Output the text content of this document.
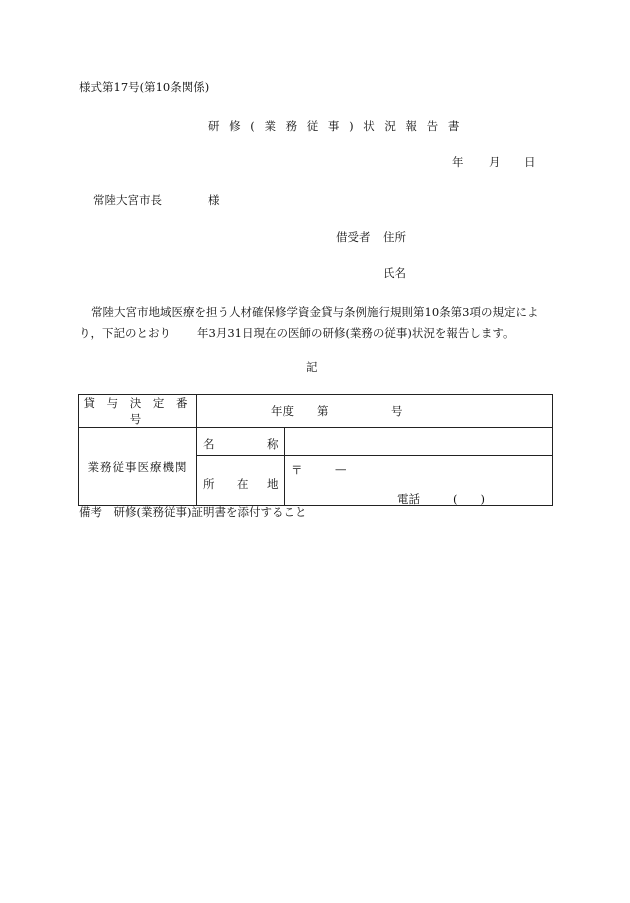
様式第17号(第10条関係)
研 修 ( 業 務 従 事 ) 状 況 報 告 書
年 月 日
常陸大宮市長	様
借受者 住所
氏名
常陸大宮市地域医療を担う人材確保修学資金貸与条例施行規則第10条第3項の規定によ
り，下記のとおり 年3月31日現在の医師の研修(業務の従事)状況を報告します。
記
貸 与 決 定 番 号	年度 第 号	

業務従事医療機関	名 称	

	所 在 地	〒 —
電話 (　　)
備考　研修(業務従事)証明書を添付すること
